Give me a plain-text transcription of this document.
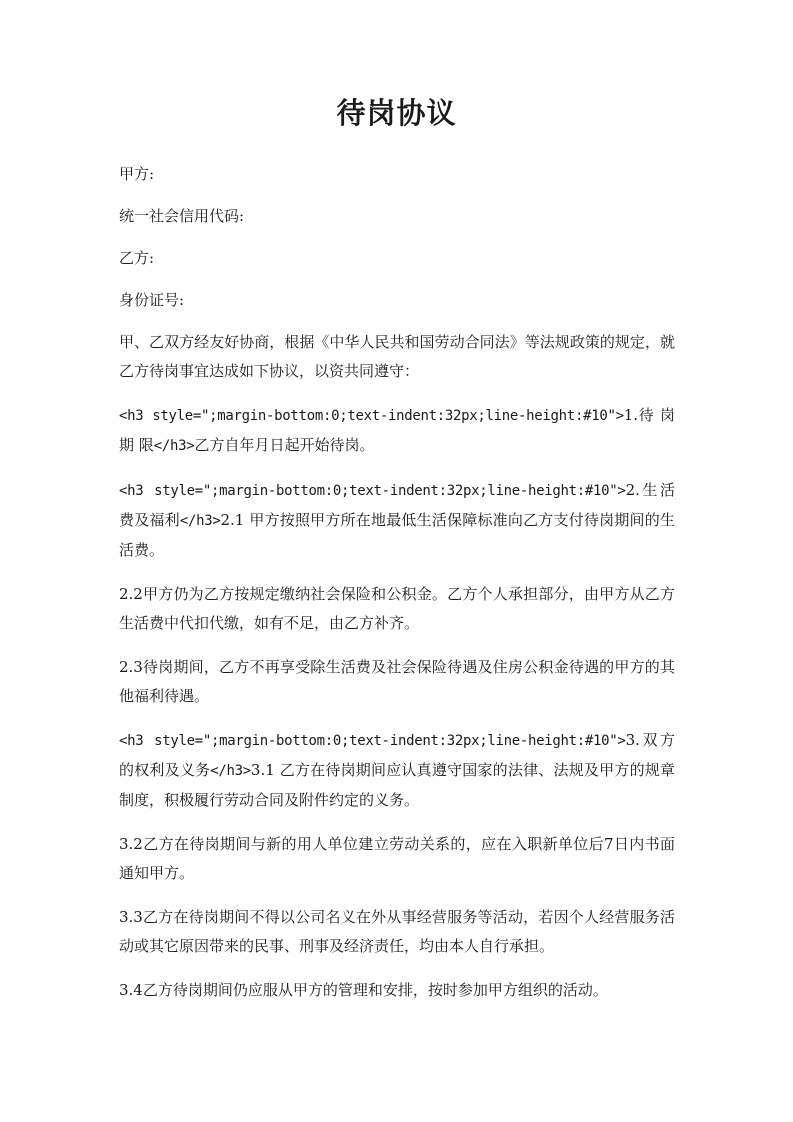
待岗协议

甲方:

统一社会信用代码:

乙方:

身份证号:

甲、乙双方经友好协商，根据《中华人民共和国劳动合同法》等法规政策的规定，就乙方待岗事宜达成如下协议，以资共同遵守：

<h3 style=";margin-bottom:0;text-indent:32px;line-height:#10">1.待 岗 期 限</h3>乙方自年月日起开始待岗。

<h3 style=";margin-bottom:0;text-indent:32px;line-height:#10">2.生活费及福利</h3>2.1 甲方按照甲方所在地最低生活保障标准向乙方支付待岗期间的生活费。

2.2甲方仍为乙方按规定缴纳社会保险和公积金。乙方个人承担部分，由甲方从乙方生活费中代扣代缴，如有不足，由乙方补齐。

2.3待岗期间，乙方不再享受除生活费及社会保险待遇及住房公积金待遇的甲方的其他福利待遇。

<h3 style=";margin-bottom:0;text-indent:32px;line-height:#10">3.双方的权利及义务</h3>3.1 乙方在待岗期间应认真遵守国家的法律、法规及甲方的规章制度，积极履行劳动合同及附件约定的义务。

3.2乙方在待岗期间与新的用人单位建立劳动关系的，应在入职新单位后7日内书面通知甲方。

3.3乙方在待岗期间不得以公司名义在外从事经营服务等活动，若因个人经营服务活动或其它原因带来的民事、刑事及经济责任，均由本人自行承担。

3.4乙方待岗期间仍应服从甲方的管理和安排，按时参加甲方组织的活动。
